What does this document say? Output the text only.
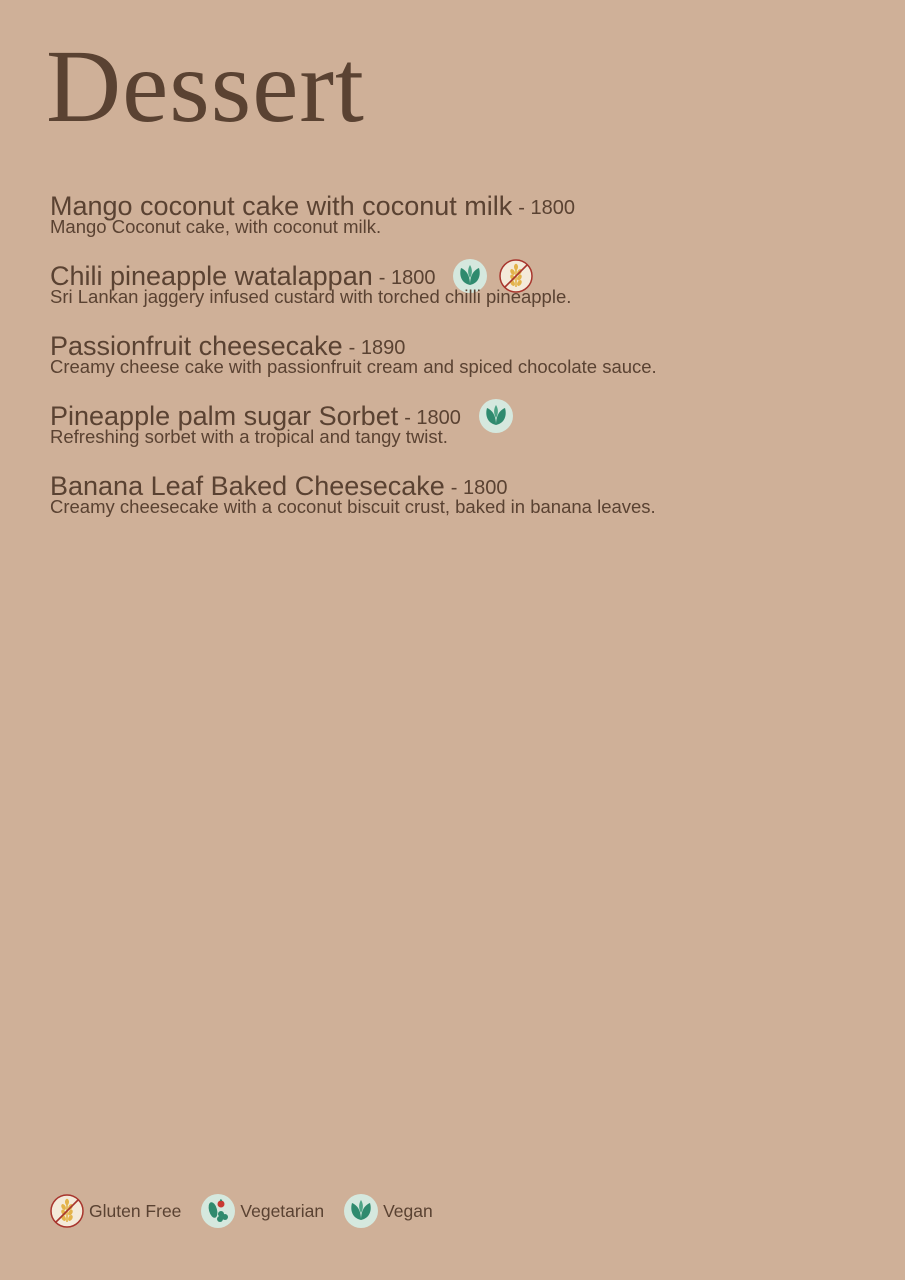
Dessert
Mango coconut cake with coconut milk - 1800
Mango Coconut cake, with coconut milk.
Chili pineapple watalappan - 1800
Sri Lankan jaggery infused custard with torched chilli pineapple.
Passionfruit cheesecake - 1890
Creamy cheese cake with passionfruit cream and spiced chocolate sauce.
Pineapple palm sugar Sorbet - 1800
Refreshing sorbet with a tropical and tangy twist.
Banana Leaf Baked Cheesecake - 1800
Creamy cheesecake with a coconut biscuit crust, baked in banana leaves.
Gluten Free	Vegetarian	Vegan
